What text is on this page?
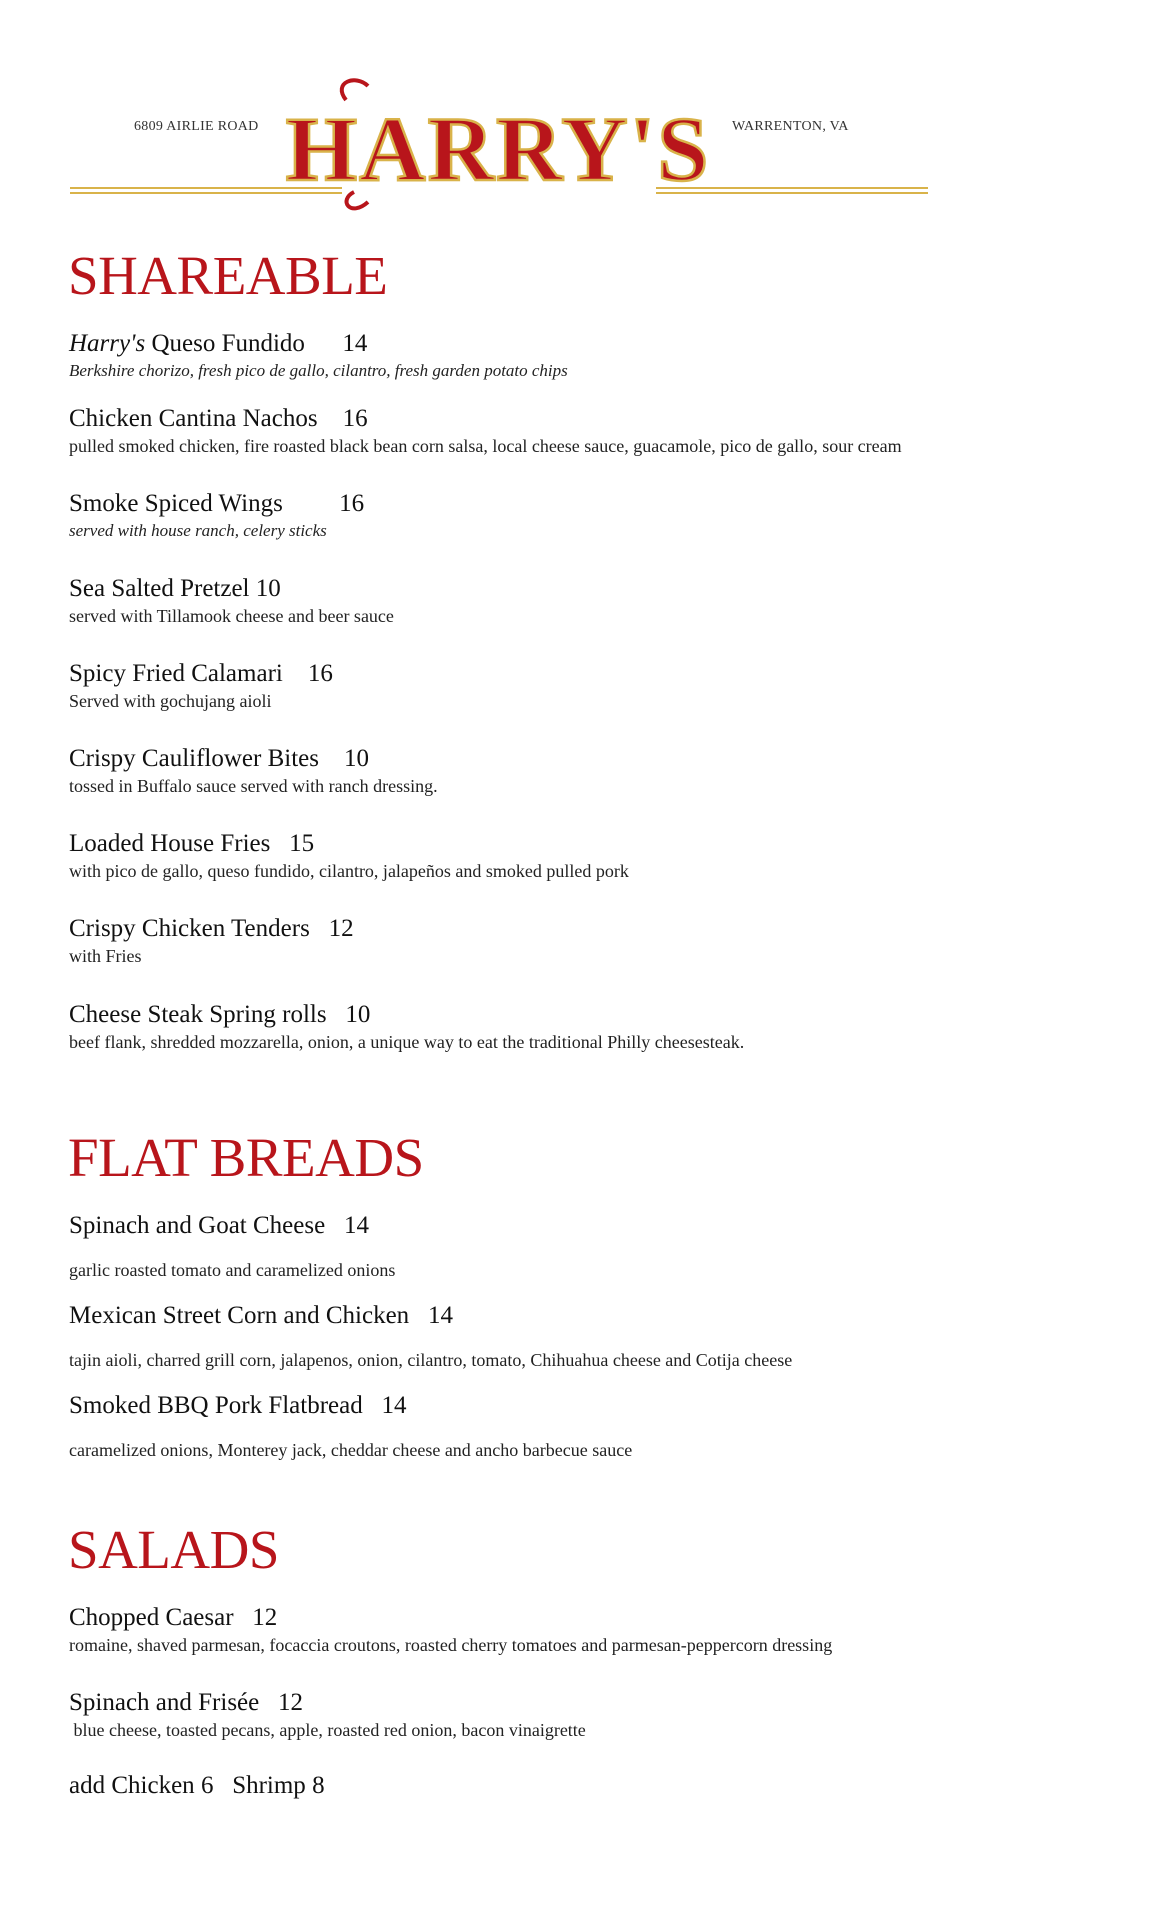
6809 AIRLIE ROAD	WARRENTON, VA
HARRY'S
SHAREABLE
Harry's Queso Fundido 14
Berkshire chorizo, fresh pico de gallo, cilantro, fresh garden potato chips
Chicken Cantina Nachos 16
pulled smoked chicken, fire roasted black bean corn salsa, local cheese sauce, guacamole, pico de gallo, sour cream
Smoke Spiced Wings 16
served with house ranch, celery sticks
Sea Salted Pretzel 10
served with Tillamook cheese and beer sauce
Spicy Fried Calamari 16
Served with gochujang aioli
Crispy Cauliflower Bites 10
tossed in Buffalo sauce served with ranch dressing.
Loaded House Fries 15
with pico de gallo, queso fundido, cilantro, jalapeños and smoked pulled pork
Crispy Chicken Tenders 12
with Fries
Cheese Steak Spring rolls 10
beef flank, shredded mozzarella, onion, a unique way to eat the traditional Philly cheesesteak.
FLAT BREADS
Spinach and Goat Cheese 14
garlic roasted tomato and caramelized onions
Mexican Street Corn and Chicken 14
tajin aioli, charred grill corn, jalapenos, onion, cilantro, tomato, Chihuahua cheese and Cotija cheese
Smoked BBQ Pork Flatbread 14
caramelized onions, Monterey jack, cheddar cheese and ancho barbecue sauce
SALADS
Chopped Caesar 12
romaine, shaved parmesan, focaccia croutons, roasted cherry tomatoes and parmesan-peppercorn dressing
Spinach and Frisée 12
blue cheese, toasted pecans, apple, roasted red onion, bacon vinaigrette
add Chicken 6 Shrimp 8
